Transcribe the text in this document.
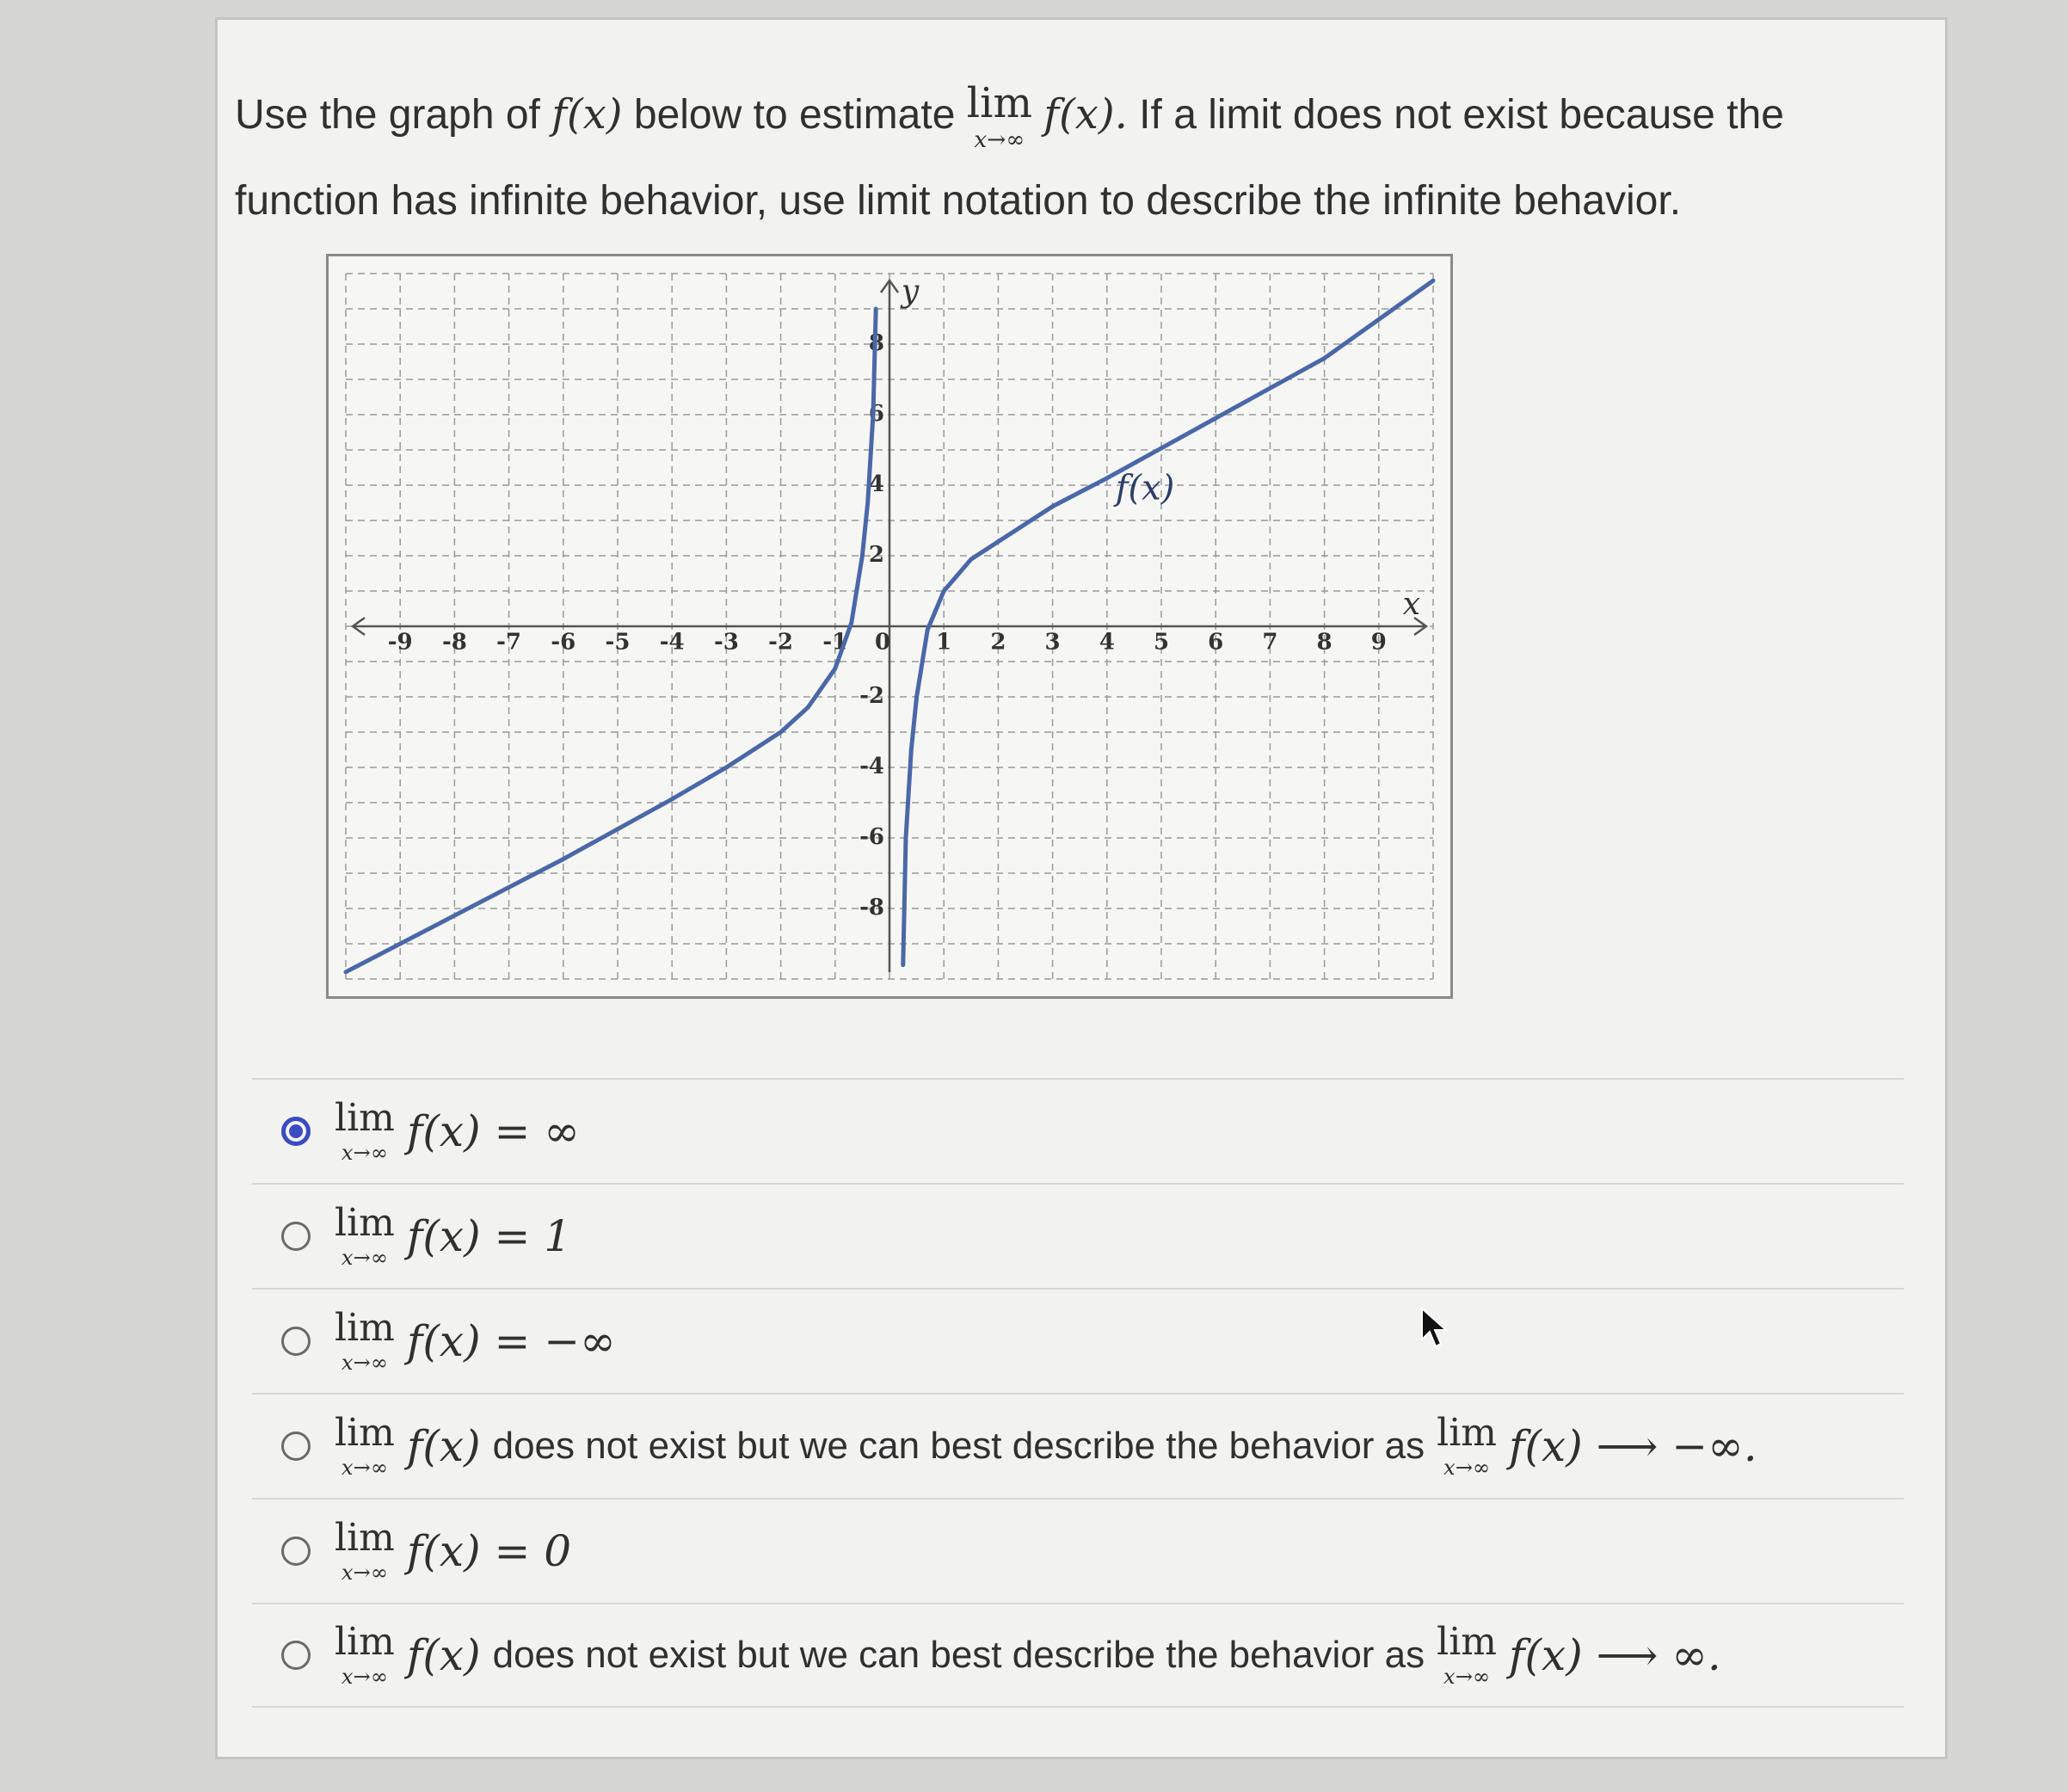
Use the graph of f(x) below to estimate lim
x→∞
f(x). If a limit does not exist because the function has infinite behavior, use limit notation to describe the infinite behavior.
-9 -8 -7 -6 -5 -4 -3 -2 -1 0 1 2 3 4 5 6 7 8 9
8
6
4
2
-2
-4
-6
-8
x
y
f(x)
lim
x→∞ f(x) = ∞
lim
x→∞ f(x) = 1
lim
x→∞ f(x) = −∞
lim
x→∞ f(x) does not exist but we can best describe the behavior as lim
x→∞ f(x) ⟶ −∞.
lim
x→∞ f(x) = 0
lim
x→∞ f(x) does not exist but we can best describe the behavior as lim
x→∞ f(x) ⟶ ∞.
